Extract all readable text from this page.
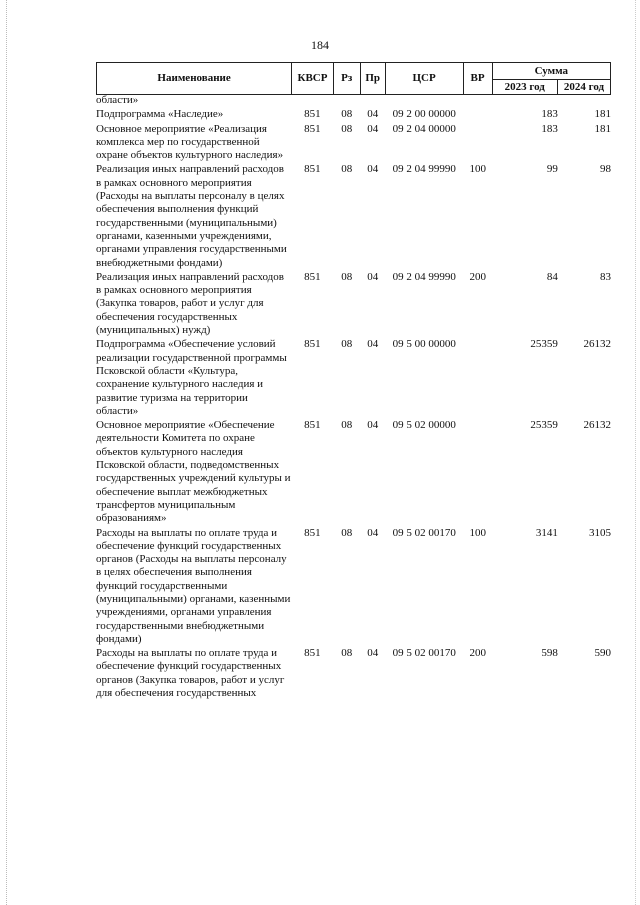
184
Наименование	КВСР	Рз	Пр	ЦСР	ВР	Сумма	
						2023 год	2024 год
области»							
Подпрограмма «Наследие»	851	08	04	09 2 00 00000		183	181
Основное мероприятие «Реализация комплекса мер по государственной охране объектов культурного наследия»	851	08	04	09 2 04 00000		183	181
Реализация иных направлений расходов в рамках основного мероприятия (Расходы на выплаты персоналу в целях обеспечения выполнения функций государственными (муниципальными) органами, казенными учреждениями, органами управления государственными внебюджетными фондами)	851	08	04	09 2 04 99990	100	99	98
Реализация иных направлений расходов в рамках основного мероприятия (Закупка товаров, работ и услуг для обеспечения государственных (муниципальных) нужд)	851	08	04	09 2 04 99990	200	84	83
Подпрограмма «Обеспечение условий реализации государственной программы Псковской области «Культура, сохранение культурного наследия и развитие туризма на территории области»	851	08	04	09 5 00 00000		25359	26132
Основное мероприятие «Обеспечение деятельности Комитета по охране объектов культурного наследия Псковской области, подведомственных государственных учреждений культуры и обеспечение выплат межбюджетных трансфертов муниципальным образованиям»	851	08	04	09 5 02 00000		25359	26132
Расходы на выплаты по оплате труда и обеспечение функций государственных органов (Расходы на выплаты персоналу в целях обеспечения выполнения функций государственными (муниципальными) органами, казенными учреждениями, органами управления государственными внебюджетными фондами)	851	08	04	09 5 02 00170	100	3141	3105
Расходы на выплаты по оплате труда и обеспечение функций государственных органов (Закупка товаров, работ и услуг для обеспечения государственных	851	08	04	09 5 02 00170	200	598	590
